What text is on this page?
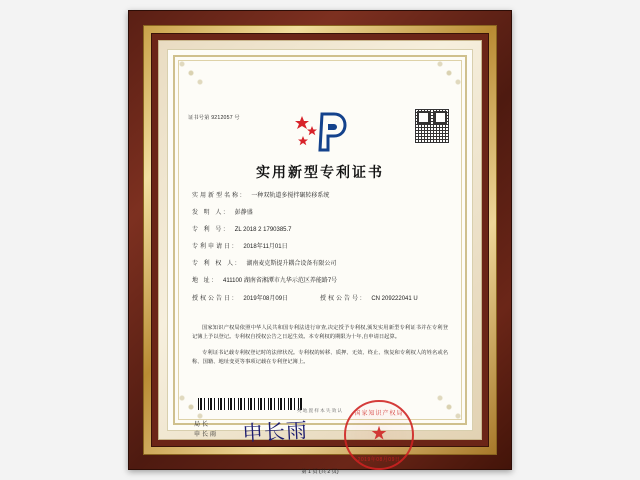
证书号第 9212057 号
实用新型专利证书
实用新型名称: 一种双轨道多搅拌碾转移系统
发 明 人: 彭静盛
专 利 号: ZL 2018 2 1790385.7
专利申请日: 2018年11月01日
专 利 权 人: 湖南麦克斯提升耦合设备有限公司
地 址: 411100 湖南省湘潭市九华示范区养能路7号
授权公告日: 2019年08月09日	授权公告号: CN 209222041 U

国家知识产权局依照中华人民共和国专利法进行审查,决定授予专利权,颁发实用新型专利证书并在专利登记簿上予以登记。专利权自授权公告之日起生效。本专利权的期限为十年,自申请日起算。

专利证书记载专利权登记时的法律状况。专利权的转移、质押、无效、终止、恢复和专利权人的姓名或名称、国籍、地址变更等事项记载在专利登记簿上。

局长
申长雨 申长雨
国家知识产权局
★
2019年08月09日
第 1 页 (共 2 页)
英地置样本失效认
